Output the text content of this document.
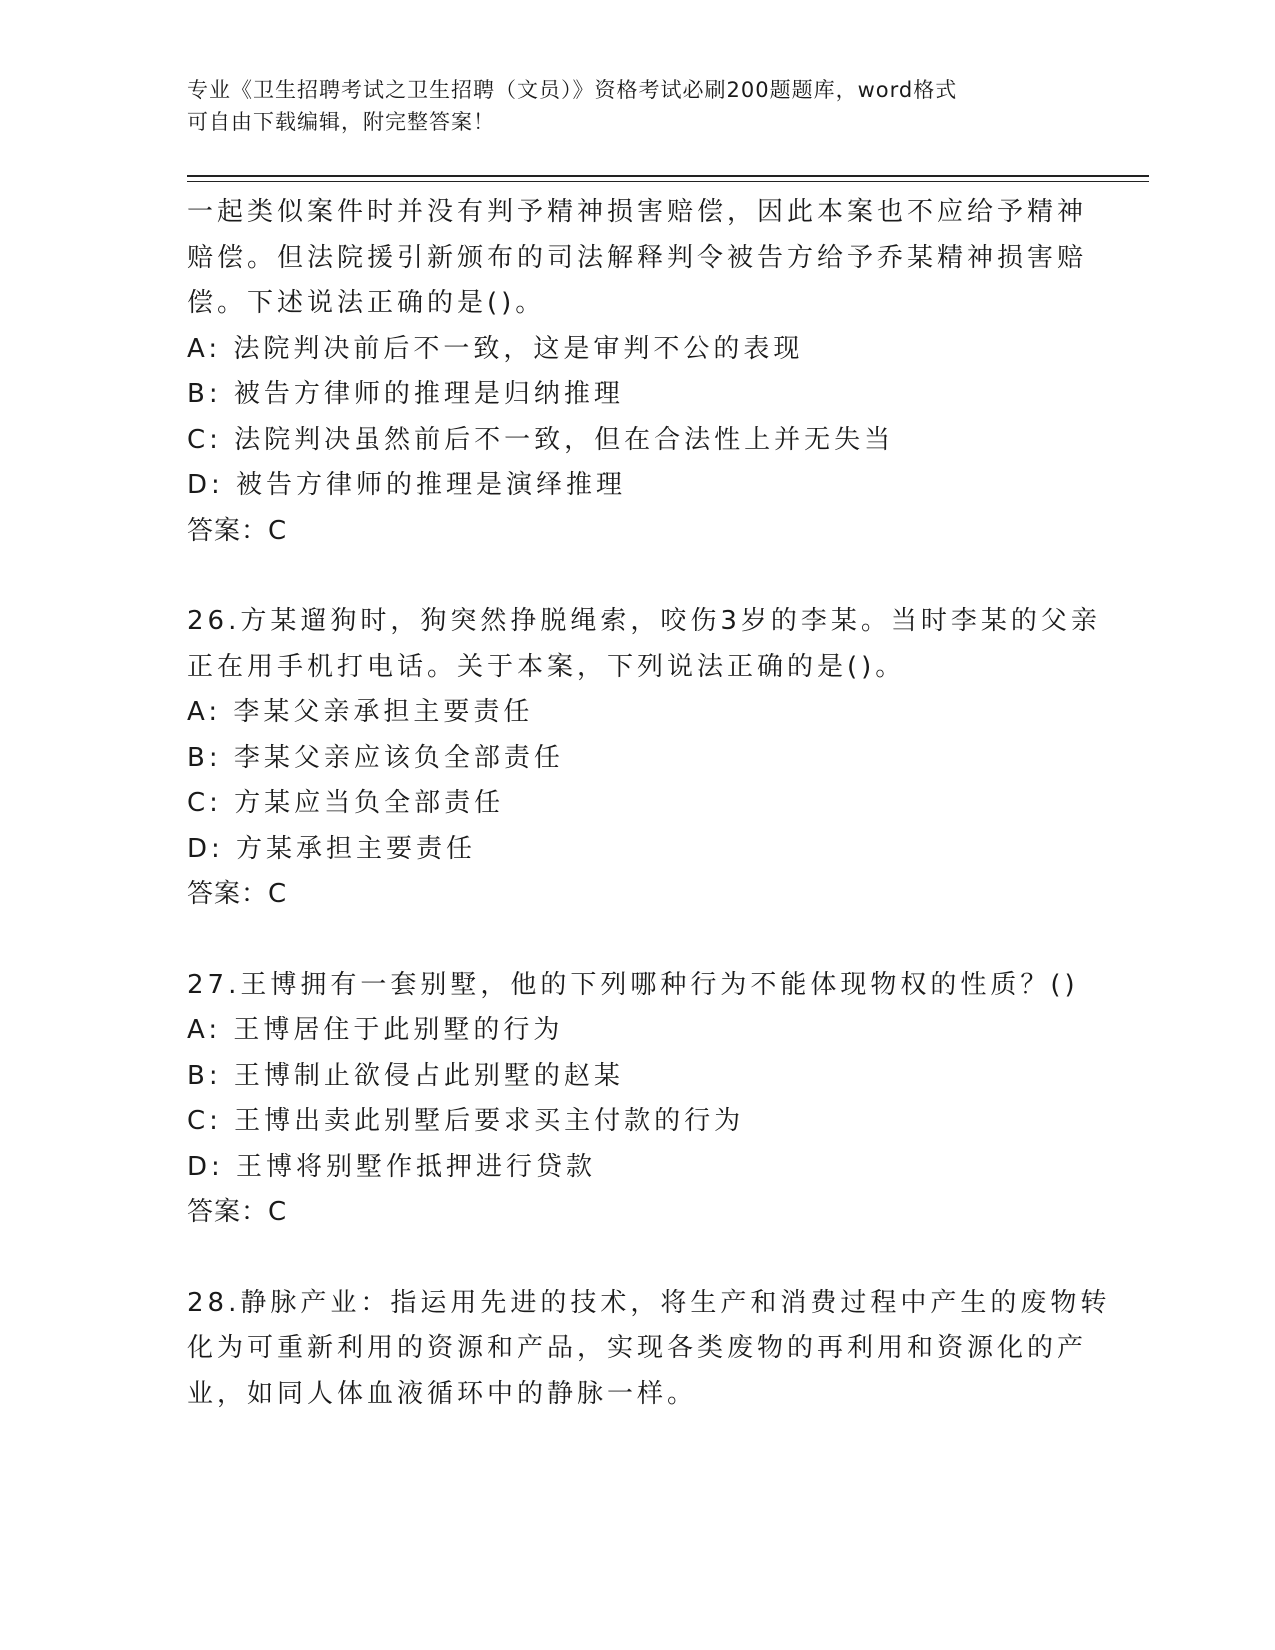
专业《卫生招聘考试之卫生招聘（文员）》资格考试必刷200题题库，word格式
可自由下载编辑，附完整答案！
一起类似案件时并没有判予精神损害赔偿，因此本案也不应给予精神
赔偿。但法院援引新颁布的司法解释判令被告方给予乔某精神损害赔
偿。下述说法正确的是()。
A: 法院判决前后不一致，这是审判不公的表现
B: 被告方律师的推理是归纳推理
C: 法院判决虽然前后不一致，但在合法性上并无失当
D: 被告方律师的推理是演绎推理
答案：C
26.方某遛狗时，狗突然挣脱绳索，咬伤3岁的李某。当时李某的父亲
正在用手机打电话。关于本案，下列说法正确的是()。
A: 李某父亲承担主要责任
B: 李某父亲应该负全部责任
C: 方某应当负全部责任
D: 方某承担主要责任
答案：C
27.王博拥有一套别墅，他的下列哪种行为不能体现物权的性质？()
A: 王博居住于此别墅的行为
B: 王博制止欲侵占此别墅的赵某
C: 王博出卖此别墅后要求买主付款的行为
D: 王博将别墅作抵押进行贷款
答案：C
28.静脉产业：指运用先进的技术，将生产和消费过程中产生的废物转
化为可重新利用的资源和产品，实现各类废物的再利用和资源化的产
业，如同人体血液循环中的静脉一样。
